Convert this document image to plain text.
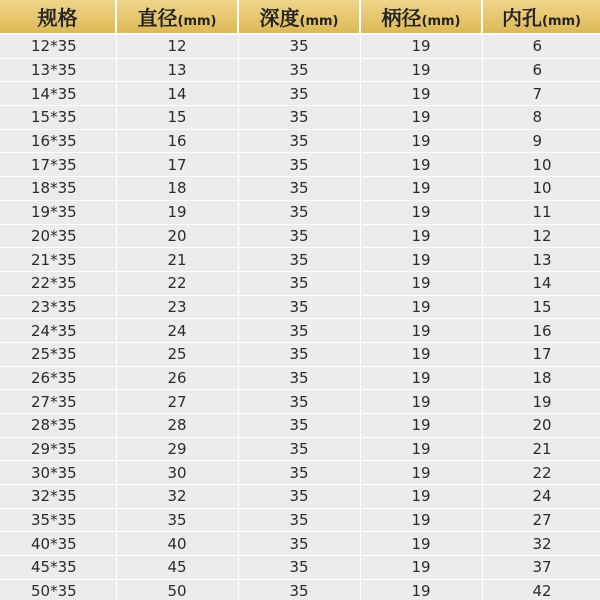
规格	直径(mm)	深度(mm)	柄径(mm)	内孔(mm)
12*35	12	35	19	6
13*35	13	35	19	6
14*35	14	35	19	7
15*35	15	35	19	8
16*35	16	35	19	9
17*35	17	35	19	10
18*35	18	35	19	10
19*35	19	35	19	11
20*35	20	35	19	12
21*35	21	35	19	13
22*35	22	35	19	14
23*35	23	35	19	15
24*35	24	35	19	16
25*35	25	35	19	17
26*35	26	35	19	18
27*35	27	35	19	19
28*35	28	35	19	20
29*35	29	35	19	21
30*35	30	35	19	22
32*35	32	35	19	24
35*35	35	35	19	27
40*35	40	35	19	32
45*35	45	35	19	37
50*35	50	35	19	42
